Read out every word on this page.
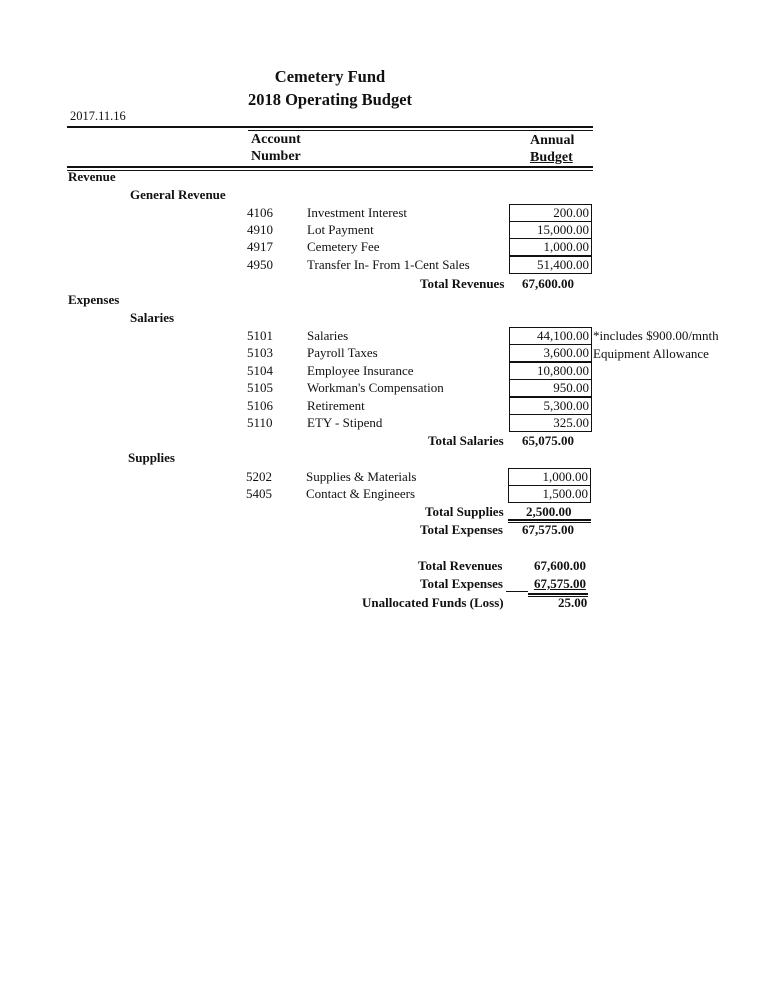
Cemetery Fund
2018 Operating Budget
2017.11.16
Account
Number
Annual
Budget
Revenue
General Revenue
4106	Investment Interest	200.00
4910	Lot Payment	15,000.00
4917	Cemetery Fee	1,000.00
4950	Transfer In- From 1-Cent Sales	51,400.00
Total Revenues 67,600.00
Expenses
Salaries
5101	Salaries	44,100.00
5103	Payroll Taxes	3,600.00
5104	Employee Insurance	10,800.00
5105	Workman's Compensation	950.00
5106	Retirement	5,300.00
5110	ETY - Stipend	325.00
*includes $900.00/mnth
Equipment Allowance
Total Salaries 65,075.00
Supplies
5202	Supplies & Materials	1,000.00
5405	Contact & Engineers	1,500.00
Total Supplies 2,500.00
Total Expenses 67,575.00
Total Revenues 67,600.00
Total Expenses 67,575.00
Unallocated Funds (Loss)	25.00
